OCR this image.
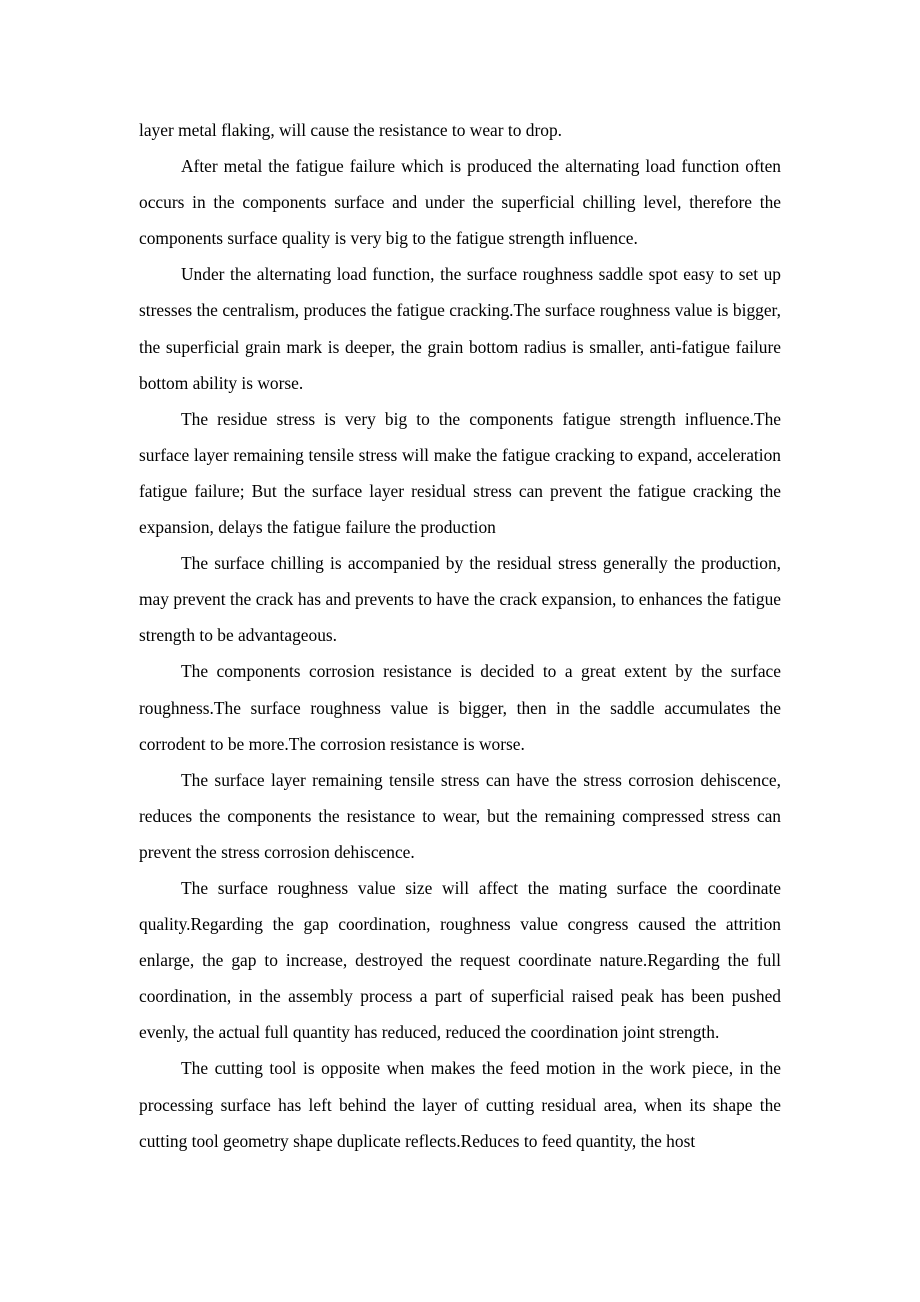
layer metal flaking, will cause the resistance to wear to drop.

After metal the fatigue failure which is produced the alternating load function often occurs in the components surface and under the superficial chilling level, therefore the components surface quality is very big to the fatigue strength influence.

Under the alternating load function, the surface roughness saddle spot easy to set up stresses the centralism, produces the fatigue cracking.The surface roughness value is bigger, the superficial grain mark is deeper, the grain bottom radius is smaller, anti-fatigue failure bottom ability is worse.

The residue stress is very big to the components fatigue strength influence.The surface layer remaining tensile stress will make the fatigue cracking to expand, acceleration fatigue failure; But the surface layer residual stress can prevent the fatigue cracking the expansion, delays the fatigue failure the production

The surface chilling is accompanied by the residual stress generally the production, may prevent the crack has and prevents to have the crack expansion, to enhances the fatigue strength to be advantageous.

The components corrosion resistance is decided to a great extent by the surface roughness.The surface roughness value is bigger, then in the saddle accumulates the corrodent to be more.The corrosion resistance is worse.

The surface layer remaining tensile stress can have the stress corrosion dehiscence, reduces the components the resistance to wear, but the remaining compressed stress can prevent the stress corrosion dehiscence.

The surface roughness value size will affect the mating surface the coordinate quality.Regarding the gap coordination, roughness value congress caused the attrition enlarge, the gap to increase, destroyed the request coordinate nature.Regarding the full coordination, in the assembly process a part of superficial raised peak has been pushed evenly, the actual full quantity has reduced, reduced the coordination joint strength.

The cutting tool is opposite when makes the feed motion in the work piece, in the processing surface has left behind the layer of cutting residual area, when its shape the cutting tool geometry shape duplicate reflects.Reduces to feed quantity, the host
